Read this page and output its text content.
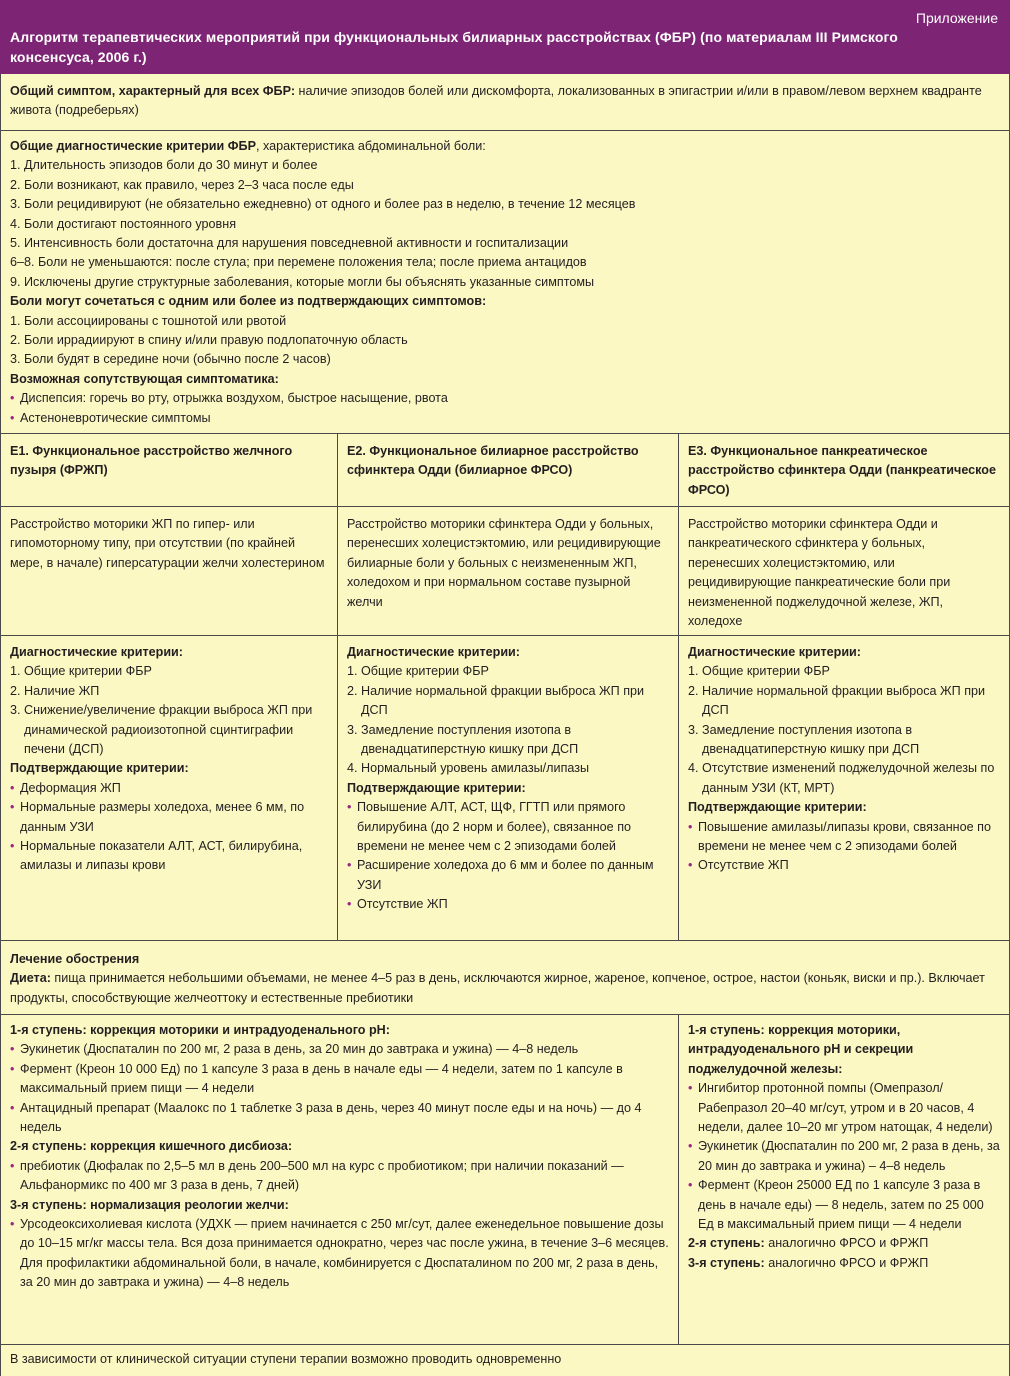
Приложение
Алгоритм терапевтических мероприятий при функциональных билиарных расстройствах (ФБР) (по материалам III Римского консенсуса, 2006 г.)
Общий симптом, характерный для всех ФБР: наличие эпизодов болей или дискомфорта, локализованных в эпигастрии и/или в правом/левом верхнем квадранте живота (подреберьях)
Общие диагностические критерии ФБР, характеристика абдоминальной боли:
1. Длительность эпизодов боли до 30 минут и более
2. Боли возникают, как правило, через 2–3 часа после еды
3. Боли рецидивируют (не обязательно ежедневно) от одного и более раз в неделю, в течение 12 месяцев
4. Боли достигают постоянного уровня
5. Интенсивность боли достаточна для нарушения повседневной активности и госпитализации
6–8. Боли не уменьшаются: после стула; при перемене положения тела; после приема антацидов
9. Исключены другие структурные заболевания, которые могли бы объяснять указанные симптомы
Боли могут сочетаться с одним или более из подтверждающих симптомов:
1. Боли ассоциированы с тошнотой или рвотой
2. Боли иррадиируют в спину и/или правую подлопаточную область
3. Боли будят в середине ночи (обычно после 2 часов)
Возможная сопутствующая симптоматика:
• Диспепсия: горечь во рту, отрыжка воздухом, быстрое насыщение, рвота
• Астеноневротические симптомы
Е1. Функциональное расстройство желчного пузыря (ФРЖП)
Е2. Функциональное билиарное расстройство сфинктера Одди (билиарное ФРСО)
Е3. Функциональное панкреатическое расстройство сфинктера Одди (панкреатическое ФРСО)
Расстройство моторики ЖП по гипер- или гипомоторному типу, при отсутствии (по крайней мере, в начале) гиперсатурации желчи холестерином
Расстройство моторики сфинктера Одди у больных, перенесших холецистэктомию, или рецидивирующие билиарные боли у больных с неизмененным ЖП, холедохом и при нормальном составе пузырной желчи
Расстройство моторики сфинктера Одди и панкреатического сфинктера у больных, перенесших холецистэктомию, или рецидивирующие панкреатические боли при неизмененной поджелудочной железе, ЖП, холедохе
Диагностические критерии:
1. Общие критерии ФБР
2. Наличие ЖП
3. Снижение/увеличение фракции выброса ЖП при динамической радиоизотопной сцинтиграфии печени (ДСП)
Подтверждающие критерии:
• Деформация ЖП
• Нормальные размеры холедоха, менее 6 мм, по данным УЗИ
• Нормальные показатели АЛТ, АСТ, билирубина, амилазы и липазы крови
Диагностические критерии:
1. Общие критерии ФБР
2. Наличие нормальной фракции выброса ЖП при ДСП
3. Замедление поступления изотопа в двенадцатиперстную кишку при ДСП
4. Нормальный уровень амилазы/липазы
Подтверждающие критерии:
• Повышение АЛТ, АСТ, ЩФ, ГГТП или прямого билирубина (до 2 норм и более), связанное по времени не менее чем с 2 эпизодами болей
• Расширение холедоха до 6 мм и более по данным УЗИ
• Отсутствие ЖП
Диагностические критерии:
1. Общие критерии ФБР
2. Наличие нормальной фракции выброса ЖП при ДСП
3. Замедление поступления изотопа в двенадцатиперстную кишку при ДСП
4. Отсутствие изменений поджелудочной железы по данным УЗИ (КТ, МРТ)
Подтверждающие критерии:
• Повышение амилазы/липазы крови, связанное по времени не менее чем с 2 эпизодами болей
• Отсутствие ЖП
Лечение обострения
Диета: пища принимается небольшими объемами, не менее 4–5 раз в день, исключаются жирное, жареное, копченое, острое, настои (коньяк, виски и пр.). Включает продукты, способствующие желчеоттоку и естественные пребиотики
1-я ступень: коррекция моторики и интрадуоденального рН:
• Эукинетик (Дюспаталин по 200 мг, 2 раза в день, за 20 мин до завтрака и ужина) — 4–8 недель
• Фермент (Креон 10 000 Ед) по 1 капсуле 3 раза в день в начале еды — 4 недели, затем по 1 капсуле в максимальный прием пищи — 4 недели
• Антацидный препарат (Маалокс по 1 таблетке 3 раза в день, через 40 минут после еды и на ночь) — до 4 недель
2-я ступень: коррекция кишечного дисбиоза:
• пребиотик (Дюфалак по 2,5–5 мл в день 200–500 мл на курс с пробиотиком; при наличии показаний — Альфанормикс по 400 мг 3 раза в день, 7 дней)
3-я ступень: нормализация реологии желчи:
• Урсодеоксихолиевая кислота (УДХК — прием начинается с 250 мг/сут, далее еженедельное повышение дозы до 10–15 мг/кг массы тела. Вся доза принимается однократно, через час после ужина, в течение 3–6 месяцев. Для профилактики абдоминальной боли, в начале, комбинируется с Дюспаталином по 200 мг, 2 раза в день, за 20 мин до завтрака и ужина) — 4–8 недель
1-я ступень: коррекция моторики, интрадуоденального рН и секреции поджелудочной железы:
• Ингибитор протонной помпы (Омепразол/Рабепразол 20–40 мг/сут, утром и в 20 часов, 4 недели, далее 10–20 мг утром натощак, 4 недели)
• Эукинетик (Дюспаталин по 200 мг, 2 раза в день, за 20 мин до завтрака и ужина) – 4–8 недель
• Фермент (Креон 25000 ЕД по 1 капсуле 3 раза в день в начале еды) — 8 недель, затем по 25 000 Ед в максимальный прием пищи — 4 недели
2-я ступень: аналогично ФРСО и ФРЖП
3-я ступень: аналогично ФРСО и ФРЖП
В зависимости от клинической ситуации ступени терапии возможно проводить одновременно
